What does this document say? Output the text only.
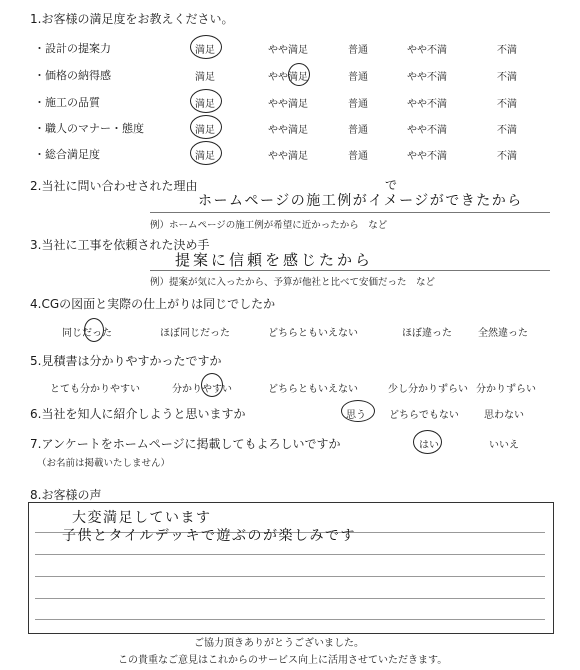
1.お客様の満足度をお教えください。
・設計の提案力	満足	やや満足	普通	やや不満	不満
・価格の納得感	満足	やや満足	普通	やや不満	不満
・施工の品質	満足	やや満足	普通	やや不満	不満
・職人のマナー・態度	満足	やや満足	普通	やや不満	不満
・総合満足度	満足	やや満足	普通	やや不満	不満
2.当社に問い合わせされた理由
ホームページの施工例がイメージができたから
で
例）ホームページの施工例が希望に近かったから　など
3.当社に工事を依頼された決め手
提案に信頼を感じたから
例）提案が気に入ったから、予算が他社と比べて安価だった　など
4.CGの図面と実際の仕上がりは同じでしたか
同じだった	ほぼ同じだった	どちらともいえない	ほぼ違った	全然違った
5.見積書は分かりやすかったですか
とても分かりやすい	分かりやすい	どちらともいえない	少し分かりずらい 分かりずらい
6.当社を知人に紹介しようと思いますか	思う どちらでもない	思わない
7.アンケートをホームページに掲載してもよろしいですか
（お名前は掲載いたしません）
はい	いいえ
8.お客様の声
大変満足しています
子供とタイルデッキで遊ぶのが楽しみです
ご協力頂きありがとうございました。
この貴重なご意見はこれからのサービス向上に活用させていただきます。
